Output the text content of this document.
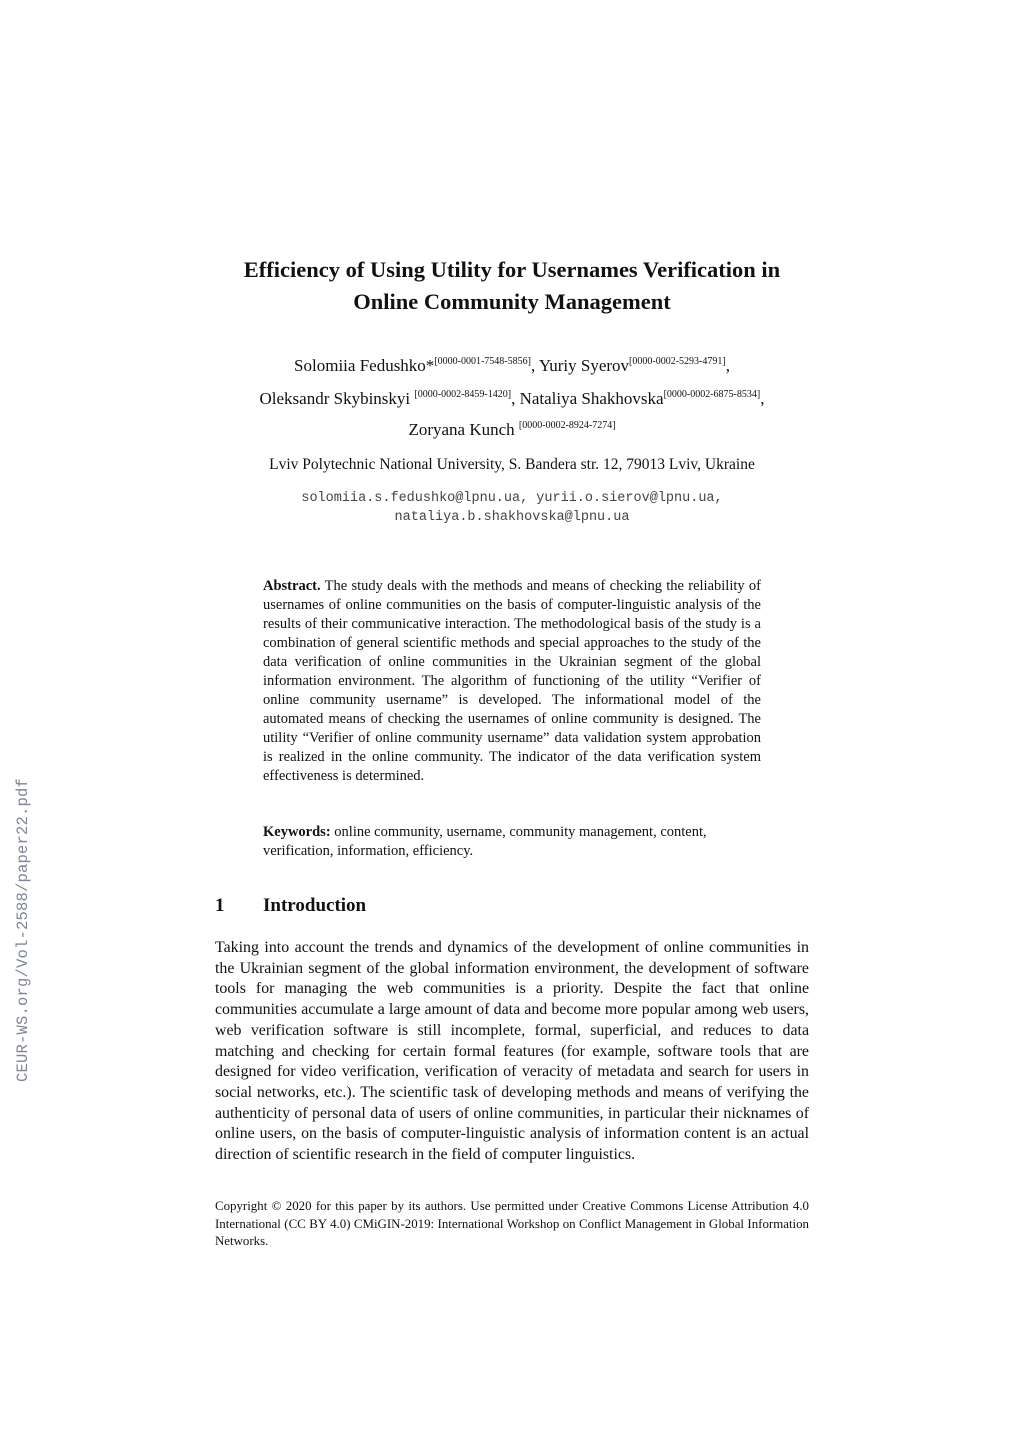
CEUR-WS.org/Vol-2588/paper22.pdf
Efficiency of Using Utility for Usernames Verification in
Online Community Management
Solomiia Fedushko*[0000-0001-7548-5856], Yuriy Syerov[0000-0002-5293-4791],
Oleksandr Skybinskyi [0000-0002-8459-1420], Nataliya Shakhovska[0000-0002-6875-8534],
Zoryana Kunch [0000-0002-8924-7274]
Lviv Polytechnic National University, S. Bandera str. 12, 79013 Lviv, Ukraine
solomiia.s.fedushko@lpnu.ua, yurii.o.sierov@lpnu.ua,
nataliya.b.shakhovska@lpnu.ua

Abstract. The study deals with the methods and means of checking the reliability of usernames of online communities on the basis of computer-linguistic analysis of the results of their communicative interaction. The methodological basis of the study is a combination of general scientific methods and special approaches to the study of the data verification of online communities in the Ukrainian segment of the global information environment. The algorithm of functioning of the utility “Verifier of online community username” is developed. The informational model of the automated means of checking the usernames of online community is designed. The utility “Verifier of online community username” data validation system approbation is realized in the online community. The indicator of the data verification system effectiveness is determined.

Keywords: online community, username, community management, content, verification, information, efficiency.

1 Introduction

Taking into account the trends and dynamics of the development of online communities in the Ukrainian segment of the global information environment, the development of software tools for managing the web communities is a priority. Despite the fact that online communities accumulate a large amount of data and become more popular among web users, web verification software is still incomplete, formal, superficial, and reduces to data matching and checking for certain formal features (for example, software tools that are designed for video verification, verification of veracity of metadata and search for users in social networks, etc.). The scientific task of developing methods and means of verifying the authenticity of personal data of users of online communities, in particular their nicknames of online users, on the basis of computer-linguistic analysis of information content is an actual direction of scientific research in the field of computer linguistics.

Copyright © 2020 for this paper by its authors. Use permitted under Creative Commons License Attribution 4.0 International (CC BY 4.0) CMiGIN-2019: International Workshop on Conflict Management in Global Information Networks.
